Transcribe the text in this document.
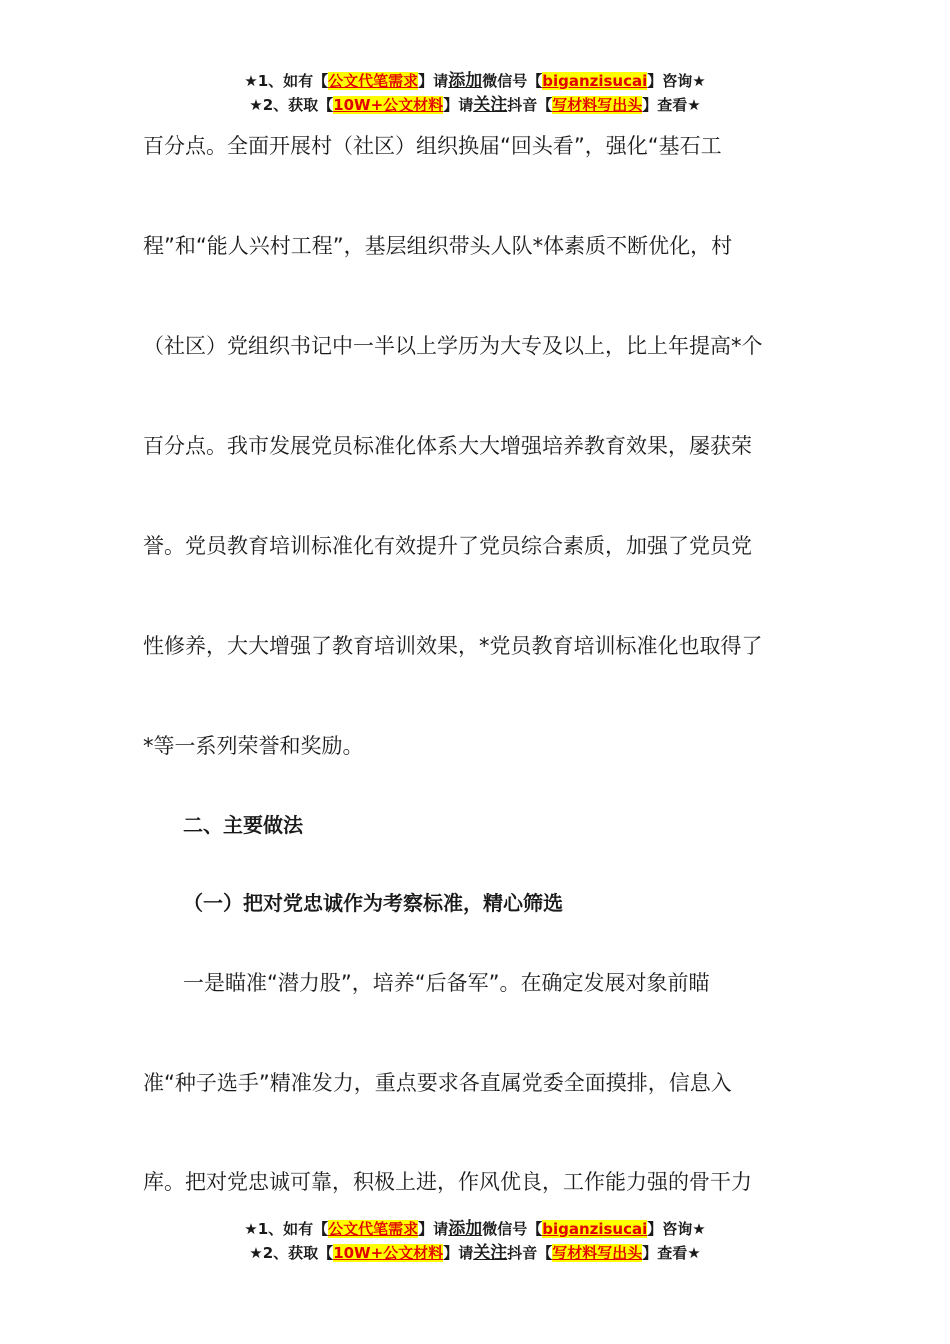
★1、如有【公文代笔需求】请添加微信号【biganzisucai】咨询★
★2、获取【10W+公文材料】请关注抖音【写材料写出头】查看★
百分点。全面开展村（社区）组织换届“回头看”，强化“基石工
程”和“能人兴村工程”，基层组织带头人队*体素质不断优化，村
（社区）党组织书记中一半以上学历为大专及以上，比上年提高*个
百分点。我市发展党员标准化体系大大增强培养教育效果，屡获荣
誉。党员教育培训标准化有效提升了党员综合素质，加强了党员党
性修养，大大增强了教育培训效果，*党员教育培训标准化也取得了
*等一系列荣誉和奖励。
二、主要做法
（一）把对党忠诚作为考察标准，精心筛选
一是瞄准“潜力股”，培养“后备军”。在确定发展对象前瞄
准“种子选手”精准发力，重点要求各直属党委全面摸排，信息入
库。把对党忠诚可靠，积极上进，作风优良，工作能力强的骨干力
★1、如有【公文代笔需求】请添加微信号【biganzisucai】咨询★
★2、获取【10W+公文材料】请关注抖音【写材料写出头】查看★
